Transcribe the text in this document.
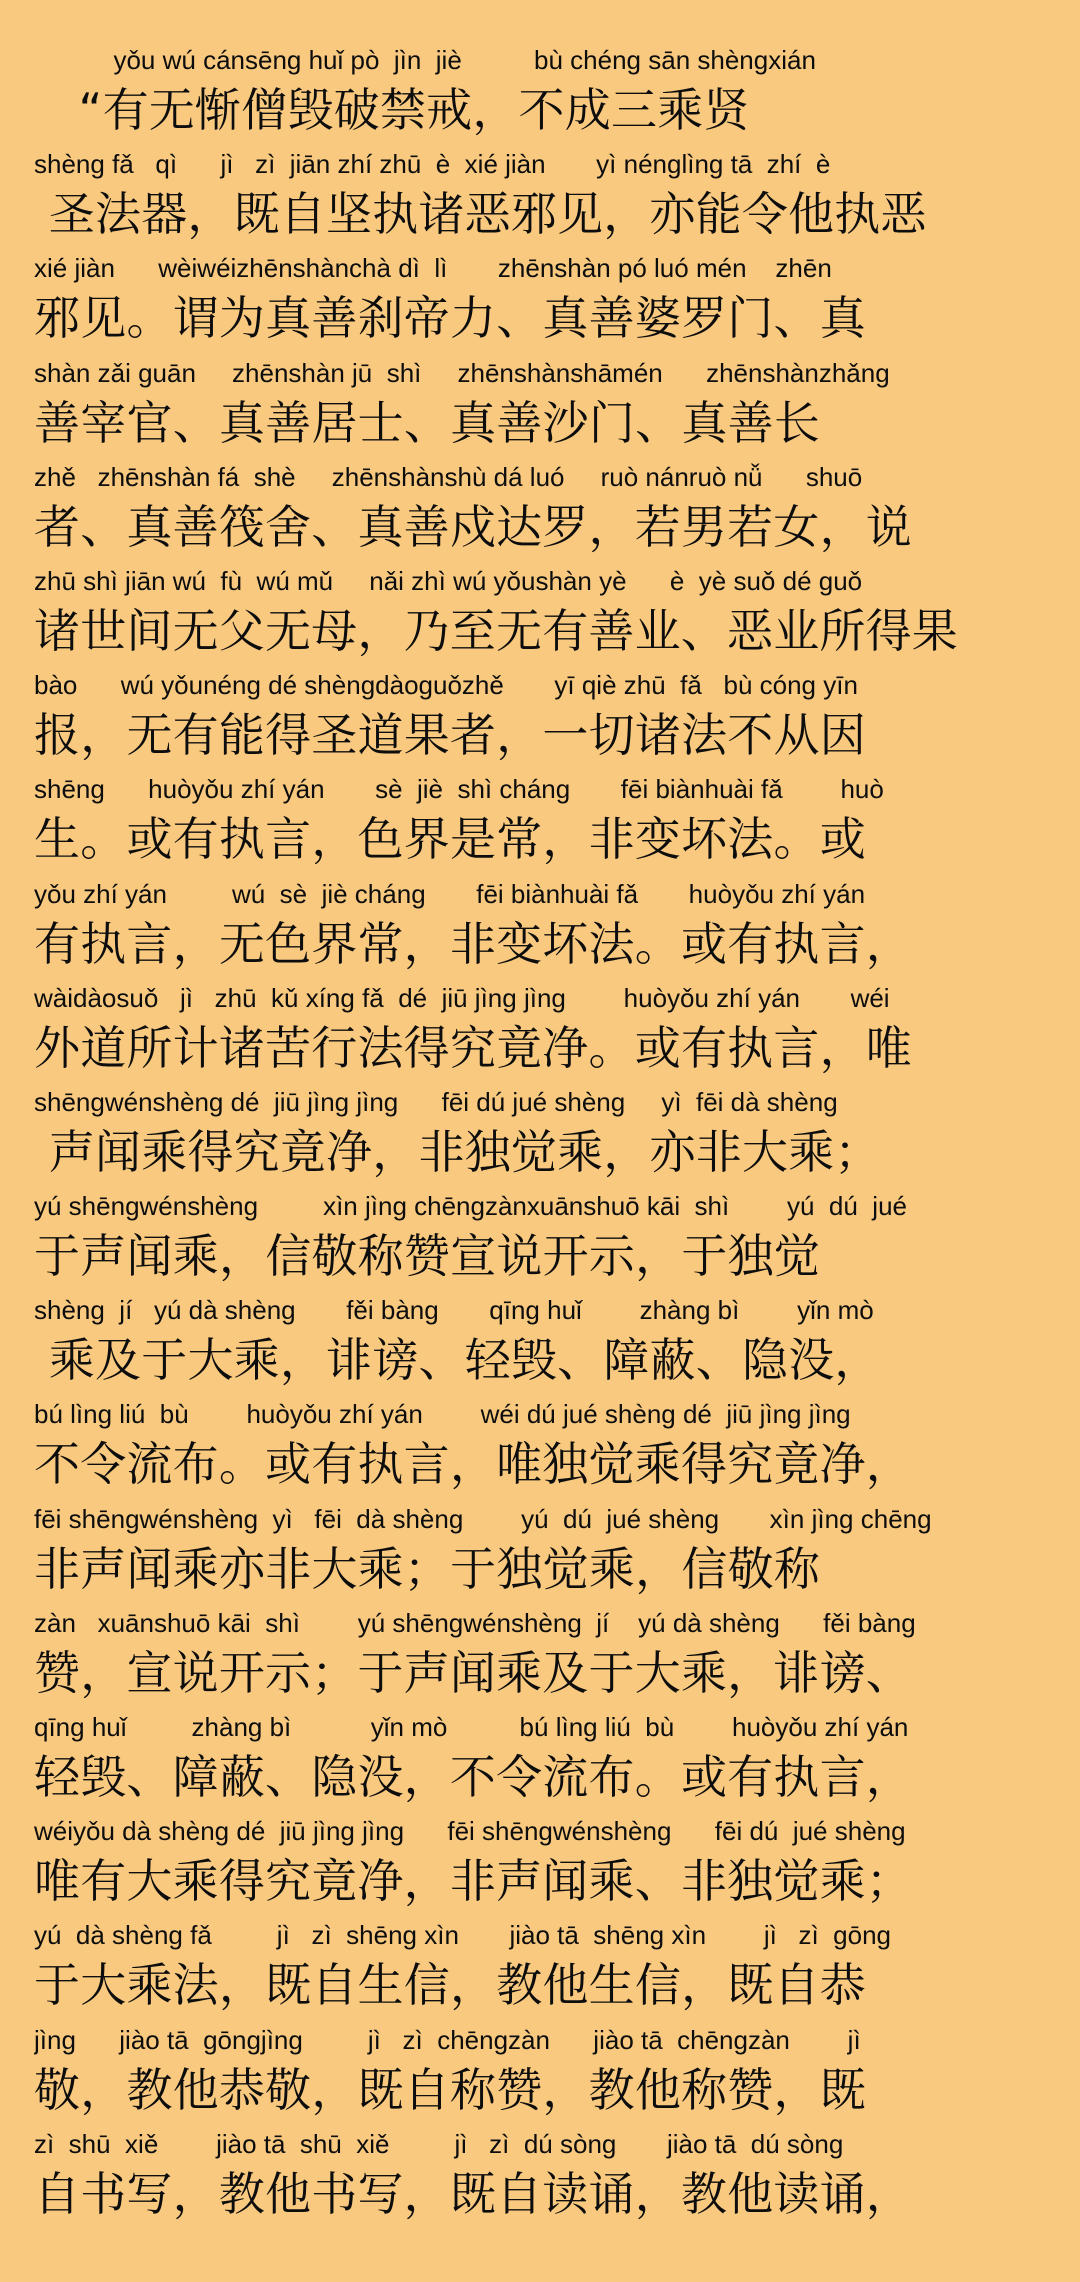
yǒu wú cánsēng huǐ pò  jìn  jiè          bù chéng sān shèngxián
“有无惭僧毁破禁戒，不成三乘贤
shèng fǎ   qì      jì   zì  jiān zhí zhū  è  xié jiàn       yì nénglìng tā  zhí  è
圣法器，既自坚执诸恶邪见，亦能令他执恶
xié jiàn      wèiwéizhēnshànchà dì  lì       zhēnshàn pó luó mén    zhēn
邪见。谓为真善刹帝力、真善婆罗门、真
shàn zǎi guān     zhēnshàn jū  shì     zhēnshànshāmén      zhēnshànzhǎng
善宰官、真善居士、真善沙门、真善长
zhě   zhēnshàn fá  shè     zhēnshànshù dá luó     ruò nánruò nǚ      shuō
者、真善筏舍、真善戍达罗，若男若女，说
zhū shì jiān wú  fù  wú mǔ     nǎi zhì wú yǒushàn yè      è  yè suǒ dé guǒ
诸世间无父无母，乃至无有善业、恶业所得果
bào      wú yǒunéng dé shèngdàoguǒzhě       yī qiè zhū  fǎ   bù cóng yīn
报，无有能得圣道果者，一切诸法不从因
shēng      huòyǒu zhí yán       sè  jiè  shì cháng       fēi biànhuài fǎ        huò
生。或有执言，色界是常，非变坏法。或
yǒu zhí yán         wú  sè  jiè cháng       fēi biànhuài fǎ       huòyǒu zhí yán
有执言，无色界常，非变坏法。或有执言，
wàidàosuǒ   jì   zhū  kǔ xíng fǎ  dé  jiū jìng jìng        huòyǒu zhí yán       wéi
外道所计诸苦行法得究竟净。或有执言，唯
shēngwénshèng dé  jiū jìng jìng      fēi dú jué shèng     yì  fēi dà shèng
声闻乘得究竟净，非独觉乘，亦非大乘；
yú shēngwénshèng         xìn jìng chēngzànxuānshuō kāi  shì        yú  dú  jué
于声闻乘，信敬称赞宣说开示，于独觉
shèng  jí   yú dà shèng       fěi bàng       qīng huǐ        zhàng bì        yǐn mò
乘及于大乘，诽谤、轻毁、障蔽、隐没，
bú lìng liú  bù        huòyǒu zhí yán        wéi dú jué shèng dé  jiū jìng jìng
不令流布。或有执言，唯独觉乘得究竟净，
fēi shēngwénshèng  yì   fēi  dà shèng        yú  dú  jué shèng       xìn jìng chēng
非声闻乘亦非大乘；于独觉乘，信敬称
zàn   xuānshuō kāi  shì        yú shēngwénshèng  jí    yú dà shèng      fěi bàng
赞，宣说开示；于声闻乘及于大乘，诽谤、
qīng huǐ         zhàng bì           yǐn mò          bú lìng liú  bù        huòyǒu zhí yán
轻毁、障蔽、隐没，不令流布。或有执言，
wéiyǒu dà shèng dé  jiū jìng jìng      fēi shēngwénshèng      fēi dú  jué shèng
唯有大乘得究竟净，非声闻乘、非独觉乘；
yú  dà shèng fǎ         jì   zì  shēng xìn       jiào tā  shēng xìn        jì   zì  gōng
于大乘法，既自生信，教他生信，既自恭
jìng      jiào tā  gōngjìng         jì   zì  chēngzàn      jiào tā  chēngzàn        jì
敬，教他恭敬，既自称赞，教他称赞，既
zì  shū  xiě        jiào tā  shū  xiě         jì   zì  dú sòng       jiào tā  dú sòng
自书写，教他书写，既自读诵，教他读诵，
